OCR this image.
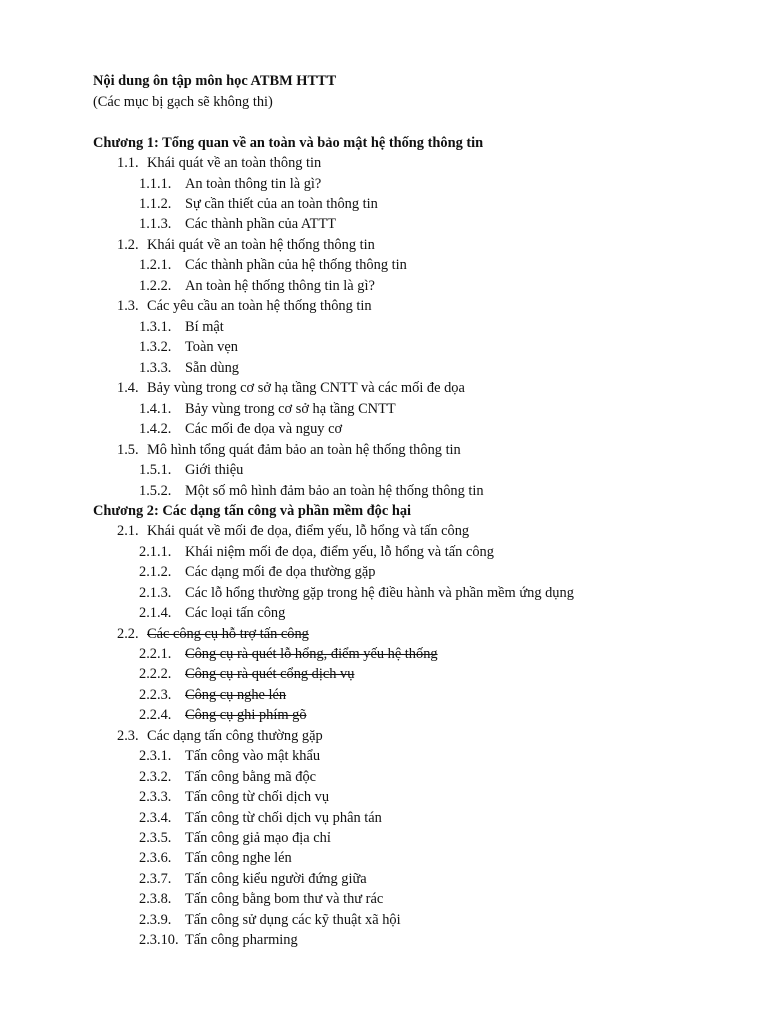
Nội dung ôn tập môn học ATBM HTTT
(Các mục bị gạch sẽ không thi)
Chương 1: Tổng quan về an toàn và bảo mật hệ thống thông tin
1.1. Khái quát về an toàn thông tin
1.1.1. An toàn thông tin là gì?
1.1.2. Sự cần thiết của an toàn thông tin
1.1.3. Các thành phần của ATTT
1.2. Khái quát về an toàn hệ thống thông tin
1.2.1. Các thành phần của hệ thống thông tin
1.2.2. An toàn hệ thống thông tin là gì?
1.3. Các yêu cầu an toàn hệ thống thông tin
1.3.1. Bí mật
1.3.2. Toàn vẹn
1.3.3. Sẵn dùng
1.4. Bảy vùng trong cơ sở hạ tầng CNTT và các mối đe dọa
1.4.1. Bảy vùng trong cơ sở hạ tầng CNTT
1.4.2. Các mối đe dọa và nguy cơ
1.5. Mô hình tổng quát đảm bảo an toàn hệ thống thông tin
1.5.1. Giới thiệu
1.5.2. Một số mô hình đảm bảo an toàn hệ thống thông tin
Chương 2: Các dạng tấn công và phần mềm độc hại
2.1. Khái quát về mối đe dọa, điểm yếu, lỗ hổng và tấn công
2.1.1. Khái niệm mối đe dọa, điểm yếu, lỗ hổng và tấn công
2.1.2. Các dạng mối đe dọa thường gặp
2.1.3. Các lỗ hổng thường gặp trong hệ điều hành và phần mềm ứng dụng
2.1.4. Các loại tấn công
2.2. Các công cụ hỗ trợ tấn công
2.2.1. Công cụ rà quét lỗ hổng, điểm yếu hệ thống
2.2.2. Công cụ rà quét cổng dịch vụ
2.2.3. Công cụ nghe lén
2.2.4. Công cụ ghi phím gõ
2.3. Các dạng tấn công thường gặp
2.3.1. Tấn công vào mật khẩu
2.3.2. Tấn công bằng mã độc
2.3.3. Tấn công từ chối dịch vụ
2.3.4. Tấn công từ chối dịch vụ phân tán
2.3.5. Tấn công giả mạo địa chỉ
2.3.6. Tấn công nghe lén
2.3.7. Tấn công kiểu người đứng giữa
2.3.8. Tấn công bằng bom thư và thư rác
2.3.9. Tấn công sử dụng các kỹ thuật xã hội
2.3.10. Tấn công pharming
